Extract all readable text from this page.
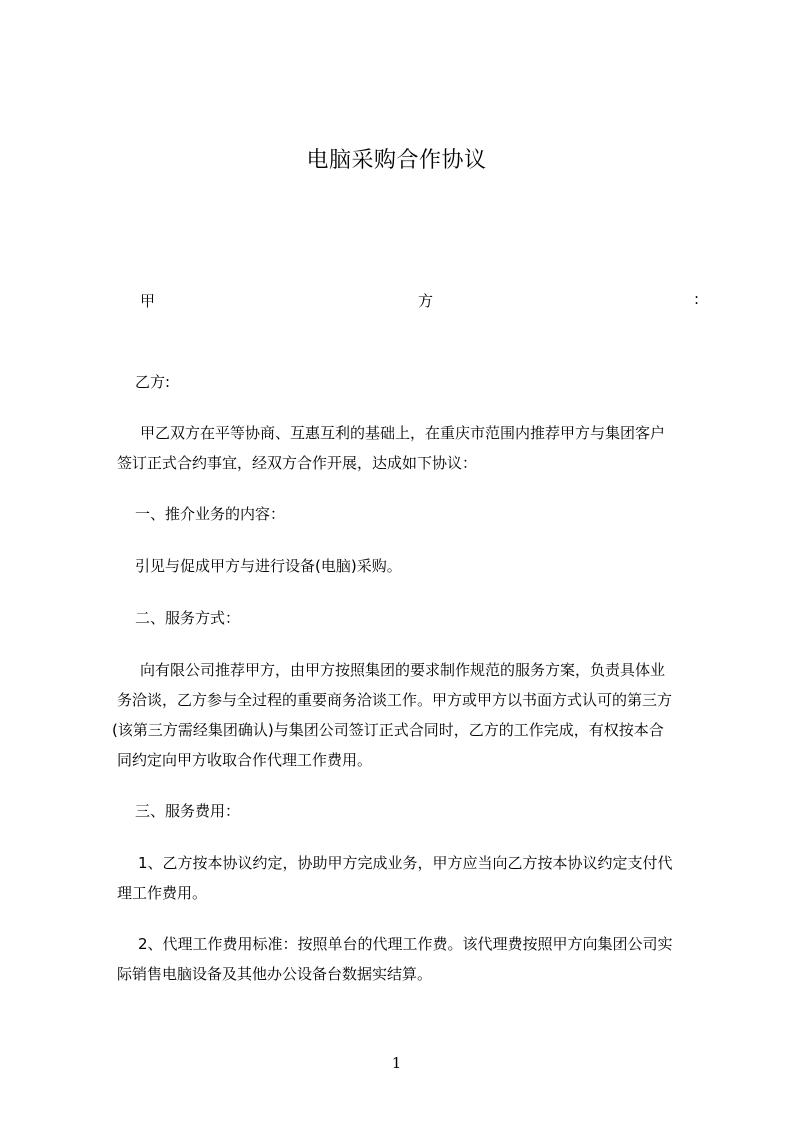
电脑采购合作协议
甲	方	:
乙方:
甲乙双方在平等协商、互惠互利的基础上，在重庆市范围内推荐甲方与集团客户
签订正式合约事宜，经双方合作开展，达成如下协议：
一、推介业务的内容：
引见与促成甲方与进行设备(电脑)采购。
二、服务方式：
向有限公司推荐甲方，由甲方按照集团的要求制作规范的服务方案，负责具体业
务洽谈，乙方参与全过程的重要商务洽谈工作。甲方或甲方以书面方式认可的第三方
(该第三方需经集团确认)与集团公司签订正式合同时，乙方的工作完成，有权按本合
同约定向甲方收取合作代理工作费用。
三、服务费用：
1、乙方按本协议约定，协助甲方完成业务，甲方应当向乙方按本协议约定支付代
理工作费用。
2、代理工作费用标准：按照单台的代理工作费。该代理费按照甲方向集团公司实
际销售电脑设备及其他办公设备台数据实结算。
1
